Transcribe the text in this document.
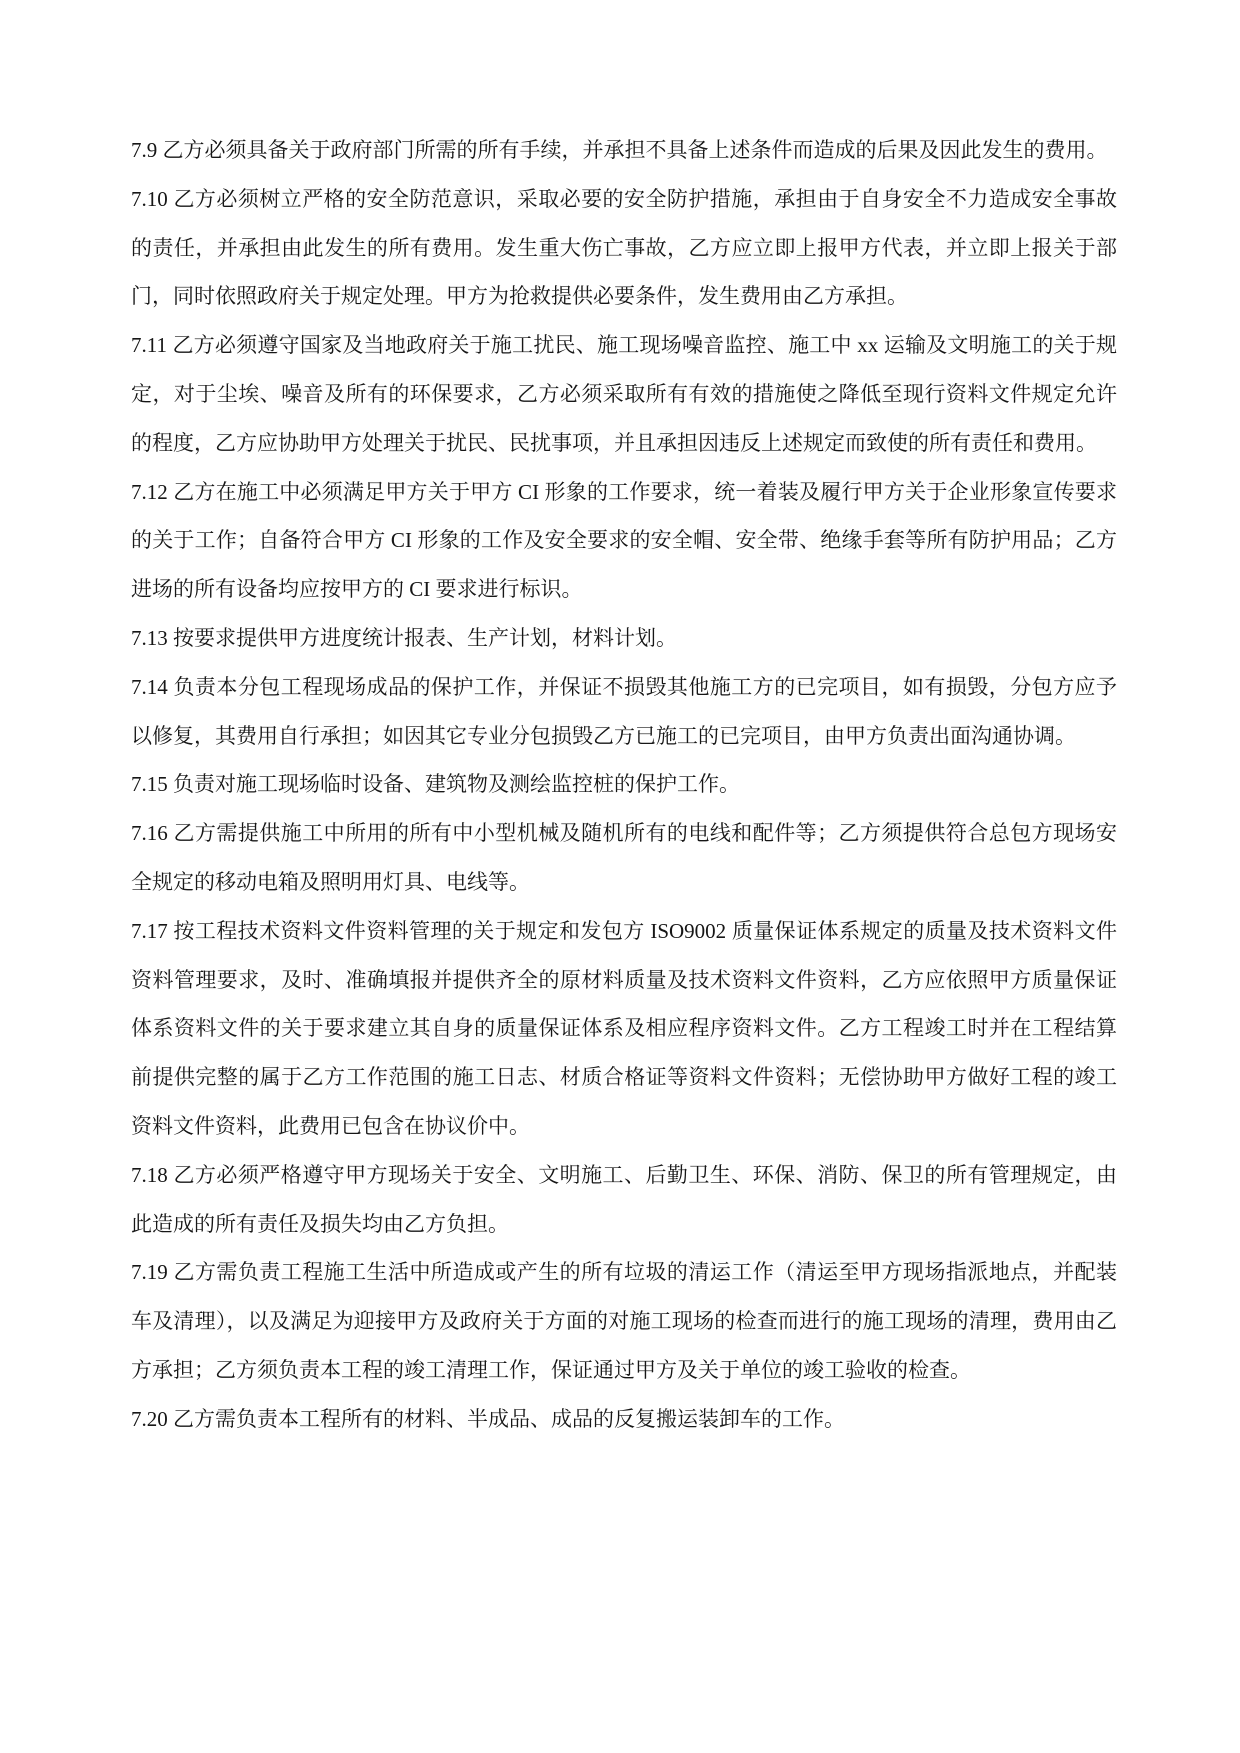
7.9 乙方必须具备关于政府部门所需的所有手续，并承担不具备上述条件而造成的后果及因此发生的费用。

7.10 乙方必须树立严格的安全防范意识，采取必要的安全防护措施，承担由于自身安全不力造成安全事故的责任，并承担由此发生的所有费用。发生重大伤亡事故，乙方应立即上报甲方代表，并立即上报关于部门，同时依照政府关于规定处理。甲方为抢救提供必要条件，发生费用由乙方承担。

7.11 乙方必须遵守国家及当地政府关于施工扰民、施工现场噪音监控、施工中 xx 运输及文明施工的关于规定，对于尘埃、噪音及所有的环保要求，乙方必须采取所有有效的措施使之降低至现行资料文件规定允许的程度，乙方应协助甲方处理关于扰民、民扰事项，并且承担因违反上述规定而致使的所有责任和费用。

7.12 乙方在施工中必须满足甲方关于甲方 CI 形象的工作要求，统一着装及履行甲方关于企业形象宣传要求的关于工作；自备符合甲方 CI 形象的工作及安全要求的安全帽、安全带、绝缘手套等所有防护用品；乙方进场的所有设备均应按甲方的 CI 要求进行标识。

7.13 按要求提供甲方进度统计报表、生产计划，材料计划。

7.14 负责本分包工程现场成品的保护工作，并保证不损毁其他施工方的已完项目，如有损毁，分包方应予以修复，其费用自行承担；如因其它专业分包损毁乙方已施工的已完项目，由甲方负责出面沟通协调。

7.15 负责对施工现场临时设备、建筑物及测绘监控桩的保护工作。

7.16 乙方需提供施工中所用的所有中小型机械及随机所有的电线和配件等；乙方须提供符合总包方现场安全规定的移动电箱及照明用灯具、电线等。

7.17 按工程技术资料文件资料管理的关于规定和发包方 ISO9002 质量保证体系规定的质量及技术资料文件资料管理要求，及时、准确填报并提供齐全的原材料质量及技术资料文件资料，乙方应依照甲方质量保证体系资料文件的关于要求建立其自身的质量保证体系及相应程序资料文件。乙方工程竣工时并在工程结算前提供完整的属于乙方工作范围的施工日志、材质合格证等资料文件资料；无偿协助甲方做好工程的竣工资料文件资料，此费用已包含在协议价中。

7.18 乙方必须严格遵守甲方现场关于安全、文明施工、后勤卫生、环保、消防、保卫的所有管理规定，由此造成的所有责任及损失均由乙方负担。

7.19 乙方需负责工程施工生活中所造成或产生的所有垃圾的清运工作（清运至甲方现场指派地点，并配装车及清理），以及满足为迎接甲方及政府关于方面的对施工现场的检查而进行的施工现场的清理，费用由乙方承担；乙方须负责本工程的竣工清理工作，保证通过甲方及关于单位的竣工验收的检查。

7.20 乙方需负责本工程所有的材料、半成品、成品的反复搬运装卸车的工作。
